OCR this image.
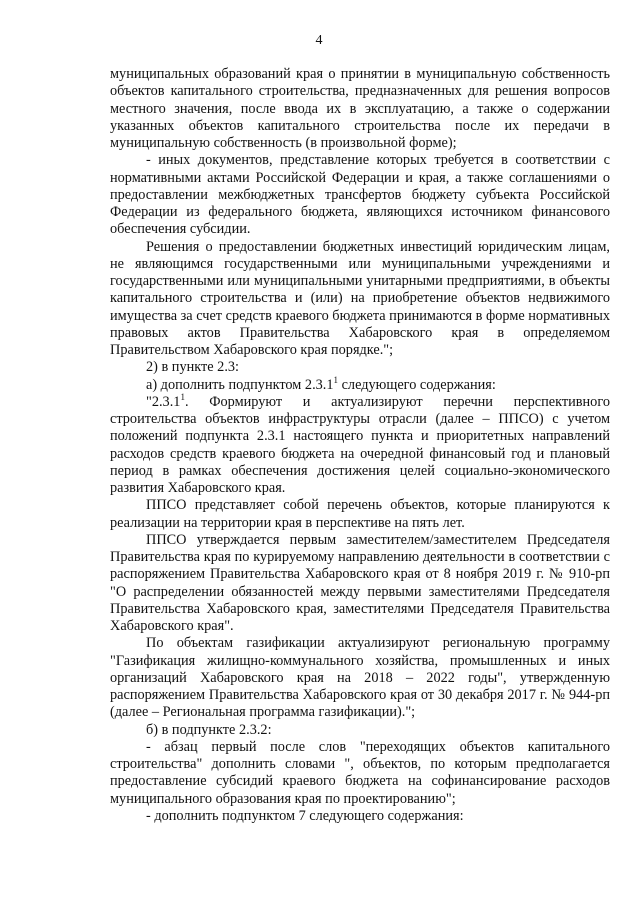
4

муниципальных образований края о принятии в муниципальную собственность объектов капитального строительства, предназначенных для решения вопросов местного значения, после ввода их в эксплуатацию, а также о содержании указанных объектов капитального строительства после их передачи в муниципальную собственность (в произвольной форме);

- иных документов, представление которых требуется в соответствии с нормативными актами Российской Федерации и края, а также соглашениями о предоставлении межбюджетных трансфертов бюджету субъекта Российской Федерации из федерального бюджета, являющихся источником финансового обеспечения субсидии.

Решения о предоставлении бюджетных инвестиций юридическим лицам, не являющимся государственными или муниципальными учреждениями и государственными или муниципальными унитарными предприятиями, в объекты капитального строительства и (или) на приобретение объектов недвижимого имущества за счет средств краевого бюджета принимаются в форме нормативных правовых актов Правительства Хабаровского края в определяемом Правительством Хабаровского края порядке.";

2) в пункте 2.3:

а) дополнить подпунктом 2.3.1$^1$ следующего содержания:

"2.3.1$^1$. Формируют и актуализируют перечни перспективного строительства объектов инфраструктуры отрасли (далее – ППСО) с учетом положений подпункта 2.3.1 настоящего пункта и приоритетных направлений расходов средств краевого бюджета на очередной финансовый год и плановый период в рамках обеспечения достижения целей социально-экономического развития Хабаровского края.

ППСО представляет собой перечень объектов, которые планируются к реализации на территории края в перспективе на пять лет.

ППСО утверждается первым заместителем/заместителем Председателя Правительства края по курируемому направлению деятельности в соответствии с распоряжением Правительства Хабаровского края от 8 ноября 2019 г. № 910-рп "О распределении обязанностей между первыми заместителями Председателя Правительства Хабаровского края, заместителями Председателя Правительства Хабаровского края".

По объектам газификации актуализируют региональную программу "Газификация жилищно-коммунального хозяйства, промышленных и иных организаций Хабаровского края на 2018 – 2022 годы", утвержденную распоряжением Правительства Хабаровского края от 30 декабря 2017 г. № 944-рп (далее – Региональная программа газификации).";

б) в подпункте 2.3.2:

- абзац первый после слов "переходящих объектов капитального строительства" дополнить словами ", объектов, по которым предполагается предоставление субсидий краевого бюджета на софинансирование расходов муниципального образования края по проектированию";

- дополнить подпунктом 7 следующего содержания:
